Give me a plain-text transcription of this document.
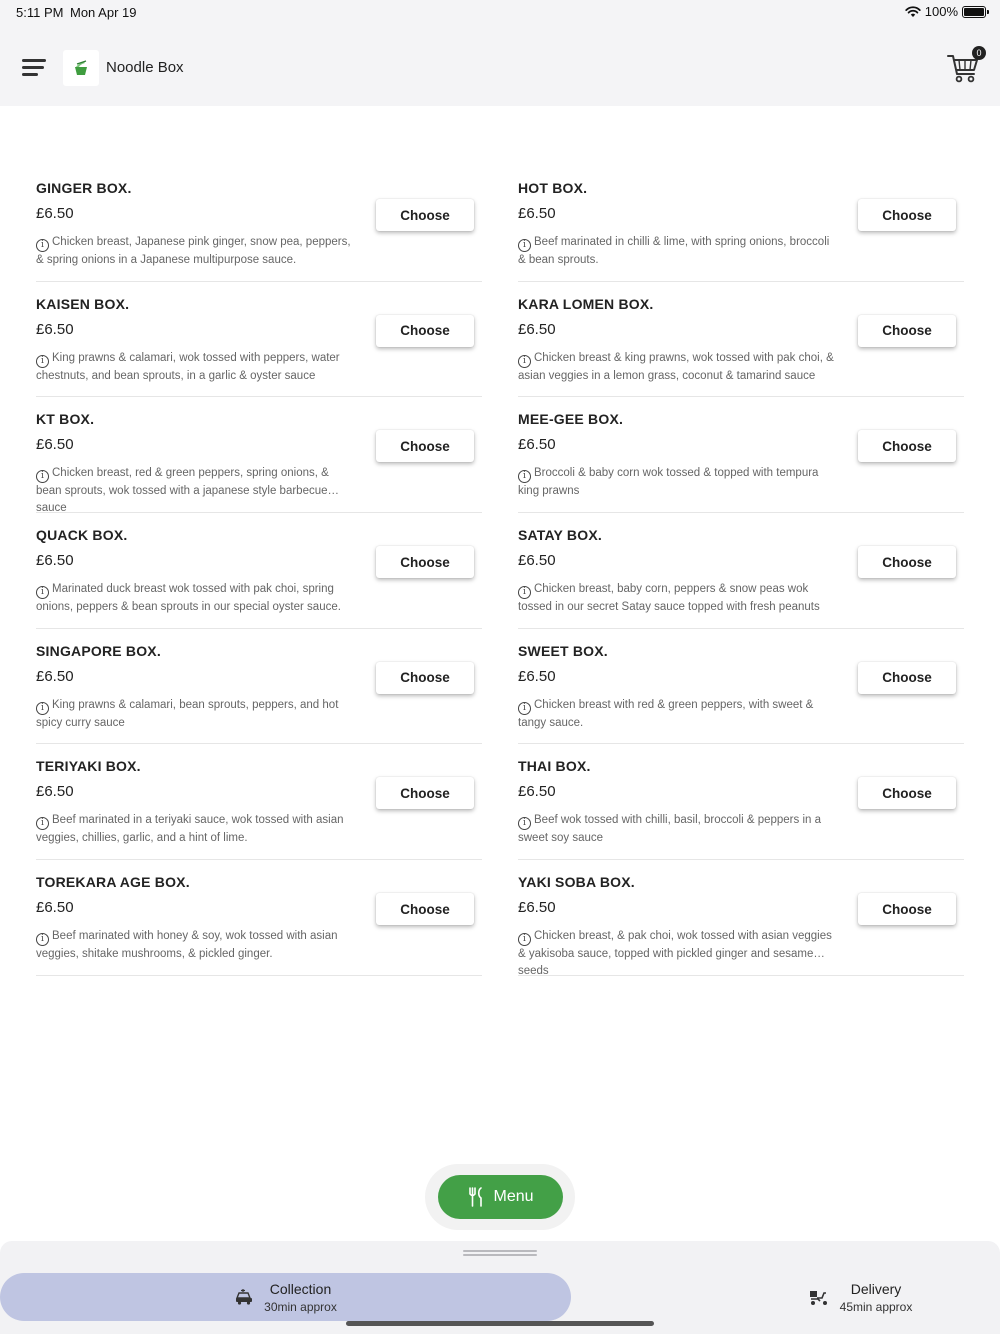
5:11 PM Mon Apr 19	100%
Noodle Box
0
GINGER BOX.
£6.50	Choose
i Chicken breast, Japanese pink ginger, snow pea, peppers, & spring onions in a Japanese multipurpose sauce.
HOT BOX.
£6.50	Choose
i Beef marinated in chilli & lime, with spring onions, broccoli & bean sprouts.
KAISEN BOX.
£6.50	Choose
i King prawns & calamari, wok tossed with peppers, water chestnuts, and bean sprouts, in a garlic & oyster sauce
KARA LOMEN BOX.
£6.50	Choose
i Chicken breast & king prawns, wok tossed with pak choi, & asian veggies in a lemon grass, coconut & tamarind sauce
KT BOX.
£6.50	Choose
i Chicken breast, red & green peppers, spring onions, & bean sprouts, wok tossed with a japanese style barbecue sauce
MEE-GEE BOX.
£6.50	Choose
i Broccoli & baby corn wok tossed & topped with tempura king prawns
QUACK BOX.
£6.50	Choose
i Marinated duck breast wok tossed with pak choi, spring onions, peppers & bean sprouts in our special oyster sauce.
SATAY BOX.
£6.50	Choose
i Chicken breast, baby corn, peppers & snow peas wok tossed in our secret Satay sauce topped with fresh peanuts
SINGAPORE BOX.
£6.50	Choose
i King prawns & calamari, bean sprouts, peppers, and hot spicy curry sauce
SWEET BOX.
£6.50	Choose
i Chicken breast with red & green peppers, with sweet & tangy sauce.
TERIYAKI BOX.
£6.50	Choose
i Beef marinated in a teriyaki sauce, wok tossed with asian veggies, chillies, garlic, and a hint of lime.
THAI BOX.
£6.50	Choose
i Beef wok tossed with chilli, basil, broccoli & peppers in a sweet soy sauce
TOREKARA AGE BOX.
£6.50	Choose
i Beef marinated with honey & soy, wok tossed with asian veggies, shitake mushrooms, & pickled ginger.
YAKI SOBA BOX.
£6.50	Choose
i Chicken breast, & pak choi, wok tossed with asian veggies & yakisoba sauce, topped with pickled ginger and sesame seeds
Menu
Collection
30min approx
Delivery
45min approx
